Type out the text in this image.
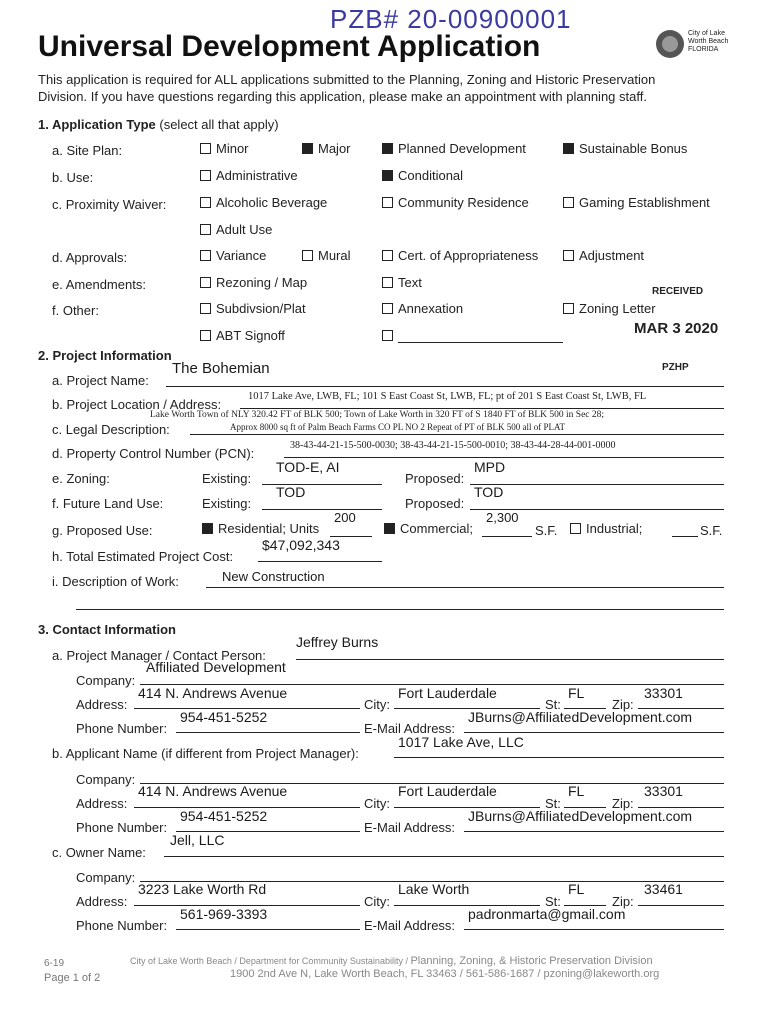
PZB# 20-00900001
Universal Development Application	City of Lake Worth Beach FLORIDA
This application is required for ALL applications submitted to the Planning, Zoning and Historic Preservation
Division. If you have questions regarding this application, please make an appointment with planning staff.
1. Application Type (select all that apply)
a. Site Plan:	Minor	Major	Planned Development	Sustainable Bonus
b. Use:	Administrative	Conditional
c. Proximity Waiver:	Alcoholic Beverage	Community Residence	Gaming Establishment
Adult Use
d. Approvals:	Variance	Mural	Cert. of Appropriateness	Adjustment
e. Amendments:	Rezoning / Map	Text
f. Other:	Subdivsion/Plat	Annexation	Zoning Letter
ABT Signoff
RECEIVED
MAR 3 2020
PZHP
2. Project Information
a. Project Name:
The Bohemian
b. Project Location / Address:
1017 Lake Ave, LWB, FL; 101 S East Coast St, LWB, FL; pt of 201 S East Coast St, LWB, FL
c. Legal Description:
Lake Worth Town of NLY 320.42 FT of BLK 500; Town of Lake Worth in 320 FT of S 1840 FT of BLK 500 in Sec 28;
Approx 8000 sq ft of Palm Beach Farms CO PL NO 2 Repeat of PT of BLK 500 all of PLAT
d. Property Control Number (PCN):
38-43-44-21-15-500-0030; 38-43-44-21-15-500-0010; 38-43-44-28-44-001-0000
e. Zoning:	Existing:
TOD-E, AI
Proposed:
MPD
f. Future Land Use:	Existing:
TOD
Proposed:
TOD
g. Proposed Use:	Residential; Units
200
Commercial;
2,300
S.F.	Industrial;	S.F.
h. Total Estimated Project Cost:
$47,092,343
i. Description of Work:	New Construction
3. Contact Information
a. Project Manager / Contact Person:
Jeffrey Burns
Company:
Affiliated Development
Address:
414 N. Andrews Avenue
City:
Fort Lauderdale
St:
FL
Zip:
33301
Phone Number:
954-451-5252
E-Mail Address:
JBurns@AffiliatedDevelopment.com
b. Applicant Name (if different from Project Manager):
1017 Lake Ave, LLC
Company:
Address:
414 N. Andrews Avenue
City:
Fort Lauderdale
St:
FL
Zip:
33301
Phone Number:
954-451-5252
E-Mail Address:
JBurns@AffiliatedDevelopment.com
c. Owner Name:
Jell, LLC
Company:
Address:
3223 Lake Worth Rd
City:
Lake Worth
St:
FL
Zip:
33461
Phone Number:
561-969-3393
E-Mail Address:
padronmarta@gmail.com
6-19
Page 1 of 2
City of Lake Worth Beach / Department for Community Sustainability / Planning, Zoning, & Historic Preservation Division
1900 2nd Ave N, Lake Worth Beach, FL 33463 / 561-586-1687 / pzoning@lakeworth.org
